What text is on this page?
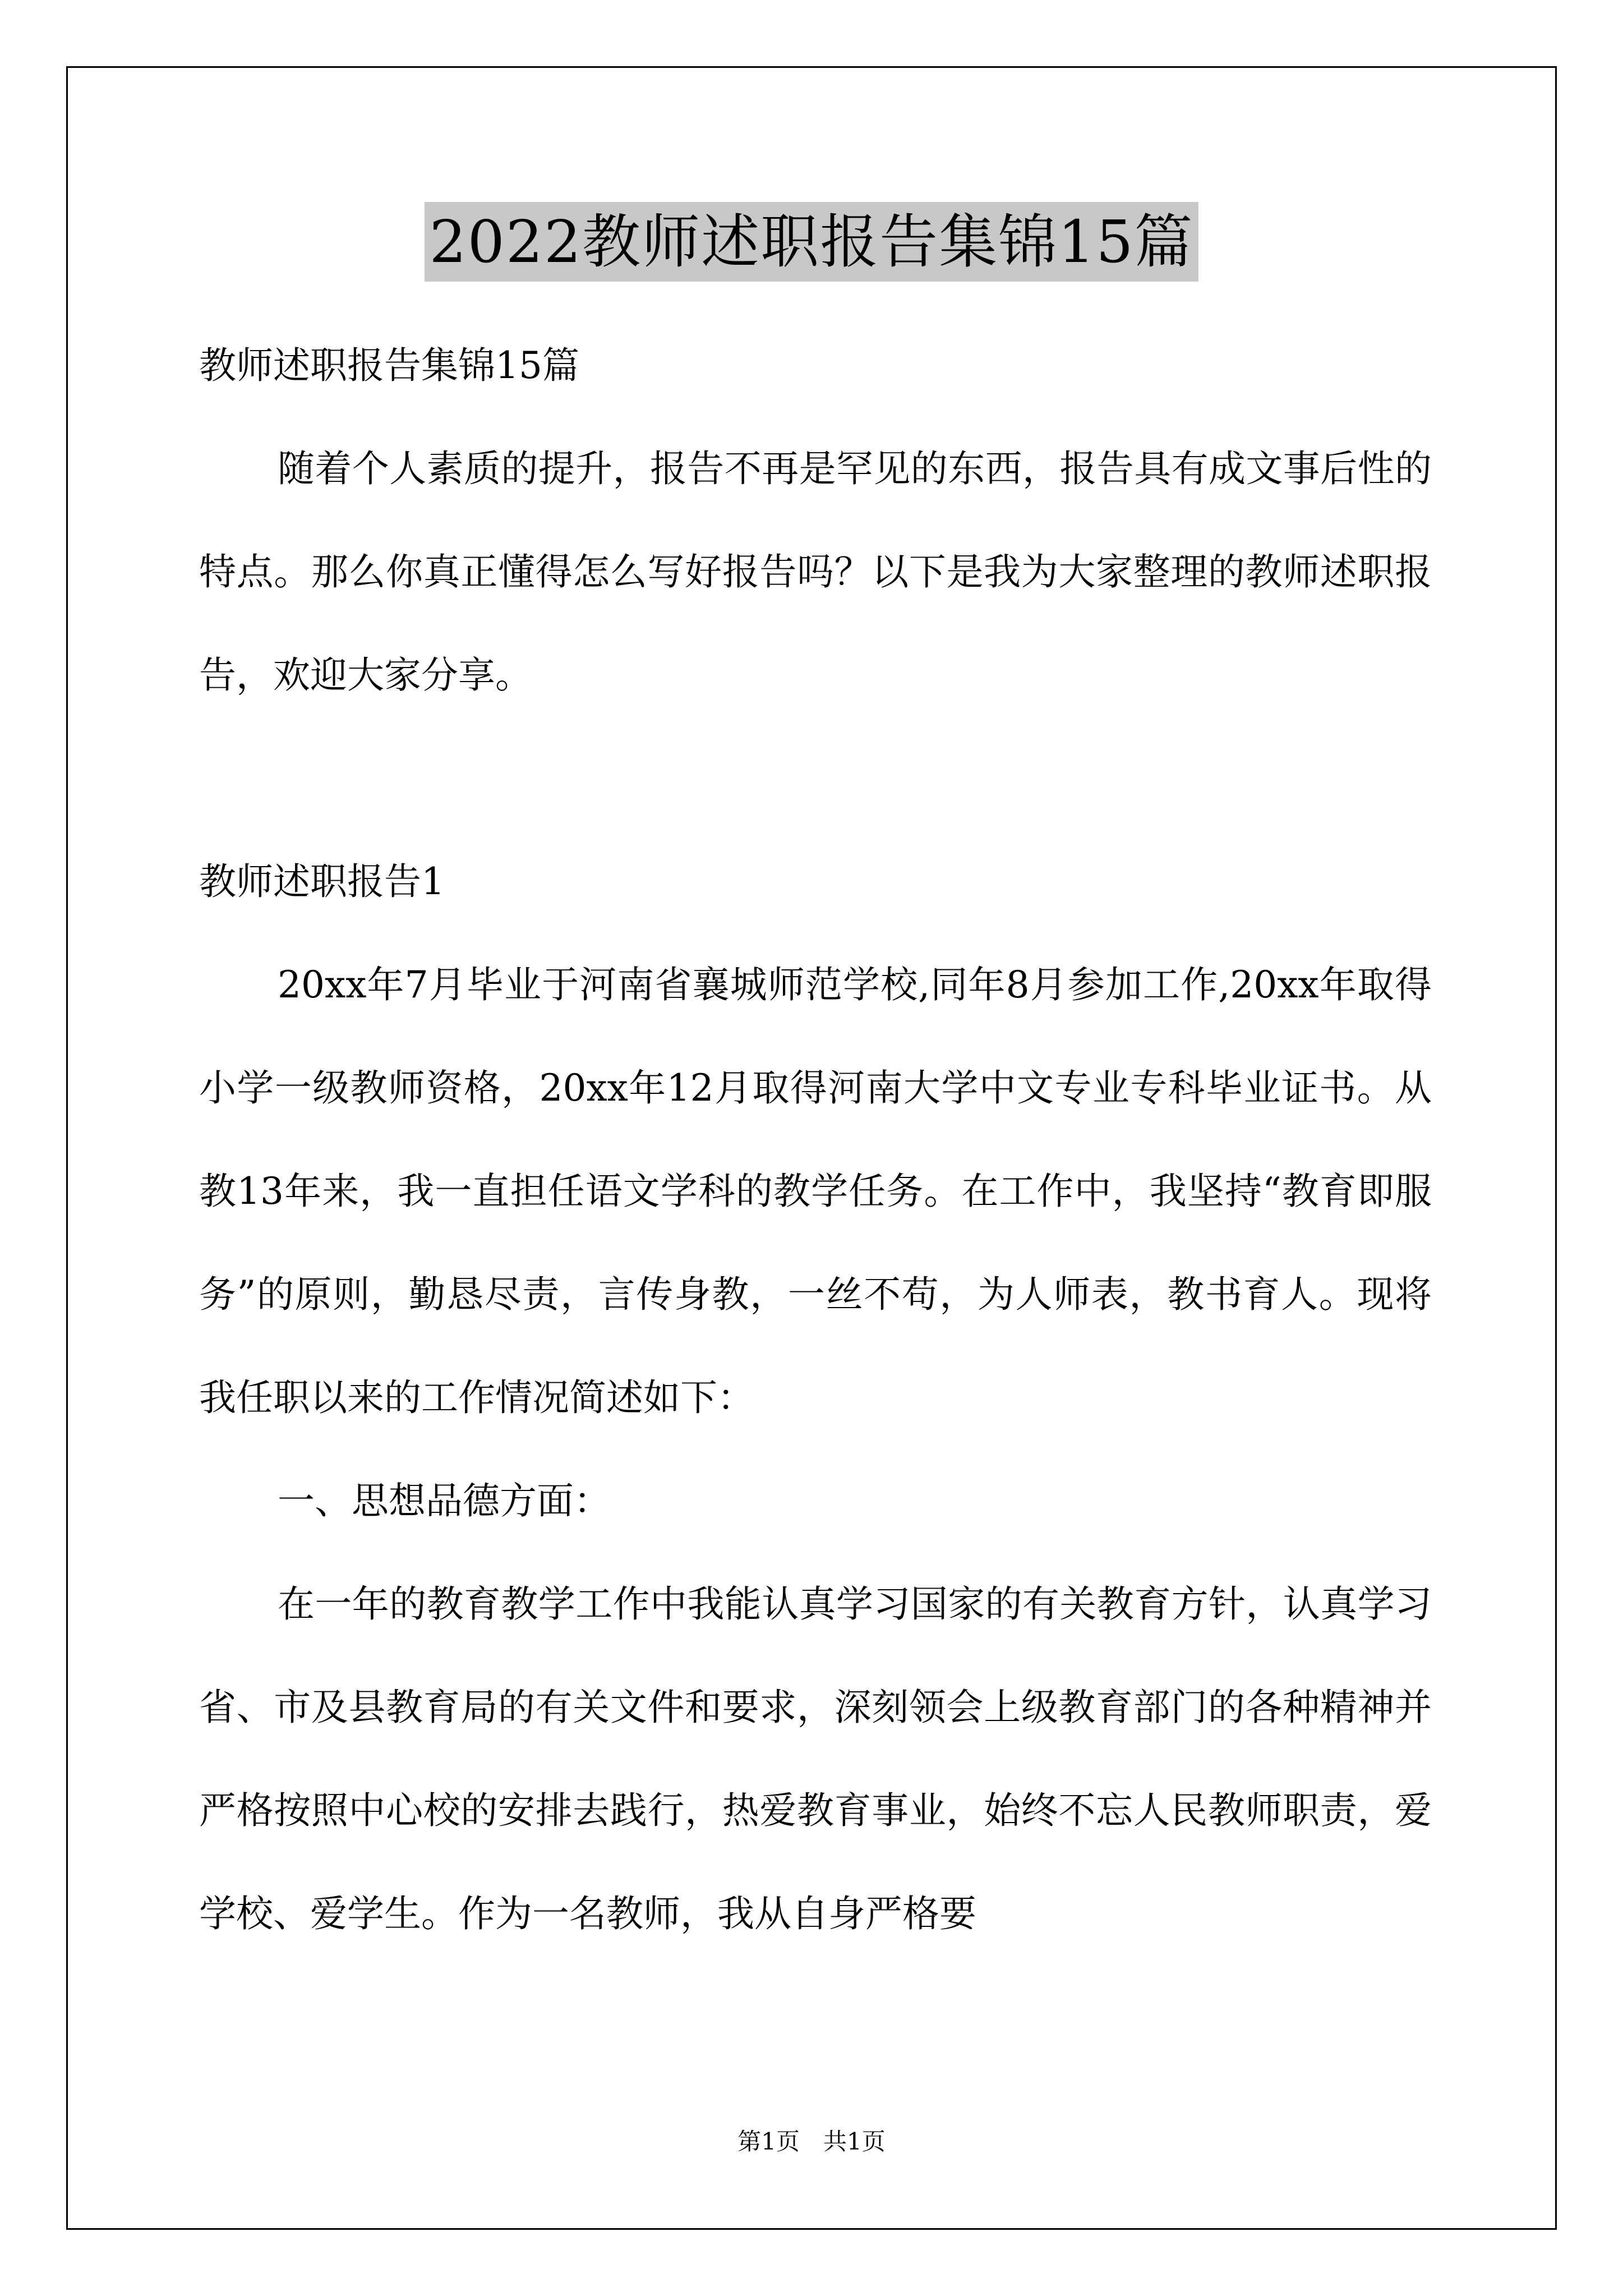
2022教师述职报告集锦15篇

教师述职报告集锦15篇

随着个人素质的提升，报告不再是罕见的东西，报告具有成文事后性的特点。那么你真正懂得怎么写好报告吗？以下是我为大家整理的教师述职报告，欢迎大家分享。

教师述职报告1

20xx年7月毕业于河南省襄城师范学校,同年8月参加工作,20xx年取得小学一级教师资格，20xx年12月取得河南大学中文专业专科毕业证书。从教13年来，我一直担任语文学科的教学任务。在工作中，我坚持“教育即服务”的原则，勤恳尽责，言传身教，一丝不苟，为人师表，教书育人。现将我任职以来的工作情况简述如下：

一、思想品德方面：

在一年的教育教学工作中我能认真学习国家的有关教育方针，认真学习省、市及县教育局的有关文件和要求，深刻领会上级教育部门的各种精神并严格按照中心校的安排去践行，热爱教育事业，始终不忘人民教师职责，爱学校、爱学生。作为一名教师，我从自身严格要

第1页　共1页
